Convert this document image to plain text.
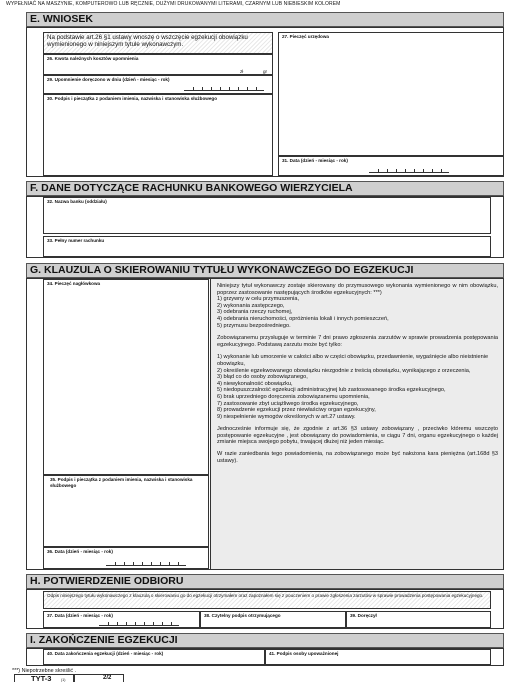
WYPEŁNIAĆ NA MASZYNIE, KOMPUTEROWO LUB RĘCZNIE, DUŻYMI DRUKOWANYMI LITERAMI, CZARNYM LUB NIEBIESKIM KOLOREM
E. WNIOSEK
Na podstawie art.26 §1 ustawy wnoszę o wszczęcie egzekucji obowiązku wymienionego w niniejszym tytule wykonawczym.
26. Kwota należnych kosztów upomnienia
zł	gr
29. Upomnienie doręczono w dniu (dzień - miesiąc - rok)
30. Podpis i pieczątka z podaniem imienia, nazwiska i stanowiska służbowego
27. Pieczęć urzędowa
31. Data (dzień - miesiąc - rok)
F. DANE DOTYCZĄCE RACHUNKU BANKOWEGO WIERZYCIELA
32. Nazwa banku (oddziału)
33. Pełny numer rachunku
G. KLAUZULA O SKIEROWANIU TYTUŁU WYKONAWCZEGO DO EGZEKUCJI
34. Pieczęć nagłówkowa
35. Podpis i pieczątka z podaniem imienia, nazwiska i stanowiska służbowego
36. Data (dzień - miesiąc - rok)
Niniejszy tytuł wykonawczy zostaje skierowany do przymusowego wykonania wymienionego w nim obowiązku, poprzez zastosowanie następujących środków egzekucyjnych: ***)
1) grzywny w celu przymuszenia,
2) wykonania zastępczego,
3) odebrania rzeczy ruchomej,
4) odebrania nieruchomości, opróżnienia lokali i innych pomieszczeń,
5) przymusu bezpośredniego.
Zobowiązanemu przysługuje w terminie 7 dni prawo zgłoszenia zarzutów w sprawie prowadzenia postępowania egzekucyjnego. Podstawą zarzutu może być tylko:
1) wykonanie lub umorzenie w całości albo w części obowiązku, przedawnienie, wygaśnięcie albo nieistnienie obowiązku,
2) określenie egzekwowanego obowiązku niezgodnie z treścią obowiązku, wynikającego z orzeczenia,
3) błąd co do osoby zobowiązanego,
4) niewykonalność obowiązku,
5) niedopuszczalność egzekucji administracyjnej lub zastosowanego środka egzekucyjnego,
6) brak uprzedniego doręczenia zobowiązanemu upomnienia,
7) zastosowanie zbyt uciążliwego środka egzekucyjnego,
8) prowadzenie egzekucji przez niewłaściwy organ egzekucyjny,
9) niespełnienie wymogów określonych w art.27 ustawy.
Jednocześnie informuje się, że zgodnie z art.36 §3 ustawy zobowiązany , przeciwko któremu wszczęto postępowanie egzekucyjne , jest obowiązany do powiadomienia, w ciągu 7 dni, organu egzekucyjnego o każdej zmianie miejsca swojego pobytu, trwającej dłużej niż jeden miesiąc.
W razie zaniedbania tego powiadomienia, na zobowiązanego może być nałożona kara pieniężna (art.168d §3 ustawy).
H. POTWIERDZENIE ODBIORU
Odpis niniejszego tytułu wykonawczego z klauzulą o skierowaniu go do egzekucji otrzymałem oraz zapoznałem się z pouczeniem o prawie zgłoszenia zarzutów w sprawie prowadzenia postępowania egzekucyjnego.
37. Data (dzień - miesiąc - rok)	38. Czytelny podpis otrzymującego	39. Doręczył
I. ZAKOŃCZENIE EGZEKUCJI
40. Data zakończenia egzekucji (dzień - miesiąc - rok)	41. Podpis osoby upoważnionej
***) Niepotrzebne skreślić .
TYT-3	(1)	2/2
